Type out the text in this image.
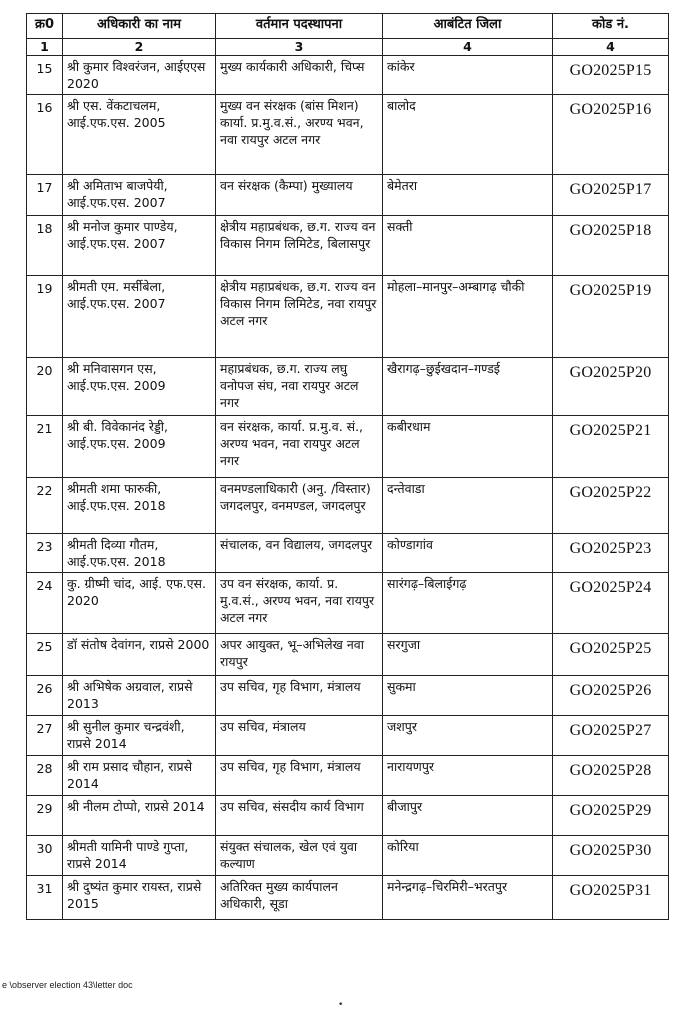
क्र0	अधिकारी का नाम	वर्तमान पदस्थापना	आबंटित जिला	कोड नं.
1	2	3	4	4
15	श्री कुमार विश्वरंजन, आईएएस 2020	मुख्य कार्यकारी अधिकारी, चिप्स	कांकेर	GO2025P15
16	श्री एस. वेंकटाचलम, आई.एफ.एस. 2005	मुख्य वन संरक्षक (बांस मिशन) कार्या. प्र.मु.व.सं., अरण्य भवन, नवा रायपुर अटल नगर	बालोद	GO2025P16
17	श्री अमिताभ बाजपेयी, आई.एफ.एस. 2007	वन संरक्षक (कैम्पा) मुख्यालय	बेमेतरा	GO2025P17
18	श्री मनोज कुमार पाण्डेय, आई.एफ.एस. 2007	क्षेत्रीय महाप्रबंधक, छ.ग. राज्य वन विकास निगम लिमिटेड, बिलासपुर	सक्ती	GO2025P18
19	श्रीमती एम. मर्सीबेला, आई.एफ.एस. 2007	क्षेत्रीय महाप्रबंधक, छ.ग. राज्य वन विकास निगम लिमिटेड, नवा रायपुर अटल नगर	मोहला–मानपुर–अम्बागढ़ चौकी	GO2025P19
20	श्री मनिवासगन एस, आई.एफ.एस. 2009	महाप्रबंधक, छ.ग. राज्य लघु वनोपज संघ, नवा रायपुर अटल नगर	खैरागढ़–छुईखदान–गण्डई	GO2025P20
21	श्री बी. विवेकानंद रेड्डी, आई.एफ.एस. 2009	वन संरक्षक, कार्या. प्र.मु.व. सं., अरण्य भवन, नवा रायपुर अटल नगर	कबीरधाम	GO2025P21
22	श्रीमती शमा फारुकी, आई.एफ.एस. 2018	वनमण्डलाधिकारी (अनु. /विस्तार) जगदलपुर, वनमण्डल, जगदलपुर	दन्तेवाडा	GO2025P22
23	श्रीमती दिव्या गौतम, आई.एफ.एस. 2018	संचालक, वन विद्यालय, जगदलपुर	कोण्डागांव	GO2025P23
24	कु. ग्रीष्मी चांद, आई. एफ.एस. 2020	उप वन संरक्षक, कार्या. प्र. मु.व.सं., अरण्य भवन, नवा रायपुर अटल नगर	सारंगढ़–बिलाईगढ़	GO2025P24
25	डॉ संतोष देवांगन, राप्रसे 2000	अपर आयुक्त, भू–अभिलेख नवा रायपुर	सरगुजा	GO2025P25
26	श्री अभिषेक अग्रवाल, राप्रसे 2013	उप सचिव, गृह विभाग, मंत्रालय	सुकमा	GO2025P26
27	श्री सुनील कुमार चन्द्रवंशी, राप्रसे 2014	उप सचिव, मंत्रालय	जशपुर	GO2025P27
28	श्री राम प्रसाद चौहान, राप्रसे 2014	उप सचिव, गृह विभाग, मंत्रालय	नारायणपुर	GO2025P28
29	श्री नीलम टोप्पो, राप्रसे 2014	उप सचिव, संसदीय कार्य विभाग	बीजापुर	GO2025P29
30	श्रीमती यामिनी पाण्डे गुप्ता, राप्रसे 2014	संयुक्त संचालक, खेल एवं युवा कल्याण	कोरिया	GO2025P30
31	श्री दुष्यंत कुमार रायस्त, राप्रसे 2015	अतिरिक्त मुख्य कार्यपालन अधिकारी, सूडा	मनेन्द्रगढ़–चिरमिरी–भरतपुर	GO2025P31
e \observer election 43\letter doc
•
